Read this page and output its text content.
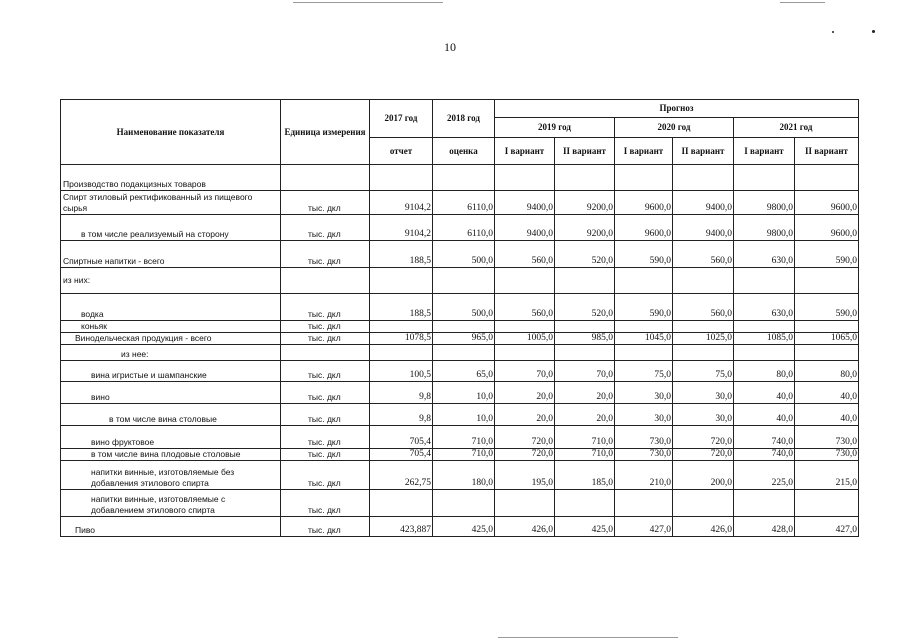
10
Наименование показателя	Единица измерения	2017 год	2018 год	Прогноз					
				2019 год		2020 год		2021 год	
		отчет	оценка	I вариант	II вариант	I вариант	II вариант	I вариант	II вариант
Производство подакцизных товаров									
Спирт этиловый ректификованный из пищевого сырья	тыс. дкл	9104,2	6110,0	9400,0	9200,0	9600,0	9400,0	9800,0	9600,0
в том числе реализуемый на сторону	тыс. дкл	9104,2	6110,0	9400,0	9200,0	9600,0	9400,0	9800,0	9600,0
Спиртные напитки - всего	тыс. дкл	188,5	500,0	560,0	520,0	590,0	560,0	630,0	590,0
из них:									
водка	тыс. дкл	188,5	500,0	560,0	520,0	590,0	560,0	630,0	590,0
коньяк	тыс. дкл								
Винодельческая продукция - всего	тыс. дкл	1078,5	965,0	1005,0	985,0	1045,0	1025,0	1085,0	1065,0
из нее:									
вина игристые и шампанские	тыс. дкл	100,5	65,0	70,0	70,0	75,0	75,0	80,0	80,0
вино	тыс. дкл	9,8	10,0	20,0	20,0	30,0	30,0	40,0	40,0
в том числе вина столовые	тыс. дкл	9,8	10,0	20,0	20,0	30,0	30,0	40,0	40,0
вино фруктовое	тыс. дкл	705,4	710,0	720,0	710,0	730,0	720,0	740,0	730,0
в том числе вина плодовые столовые	тыс. дкл	705,4	710,0	720,0	710,0	730,0	720,0	740,0	730,0
напитки винные, изготовляемые без добавления этилового спирта	тыс. дкл	262,75	180,0	195,0	185,0	210,0	200,0	225,0	215,0
напитки винные, изготовляемые с добавлением этилового спирта	тыс. дкл								
Пиво	тыс. дкл	423,887	425,0	426,0	425,0	427,0	426,0	428,0	427,0
